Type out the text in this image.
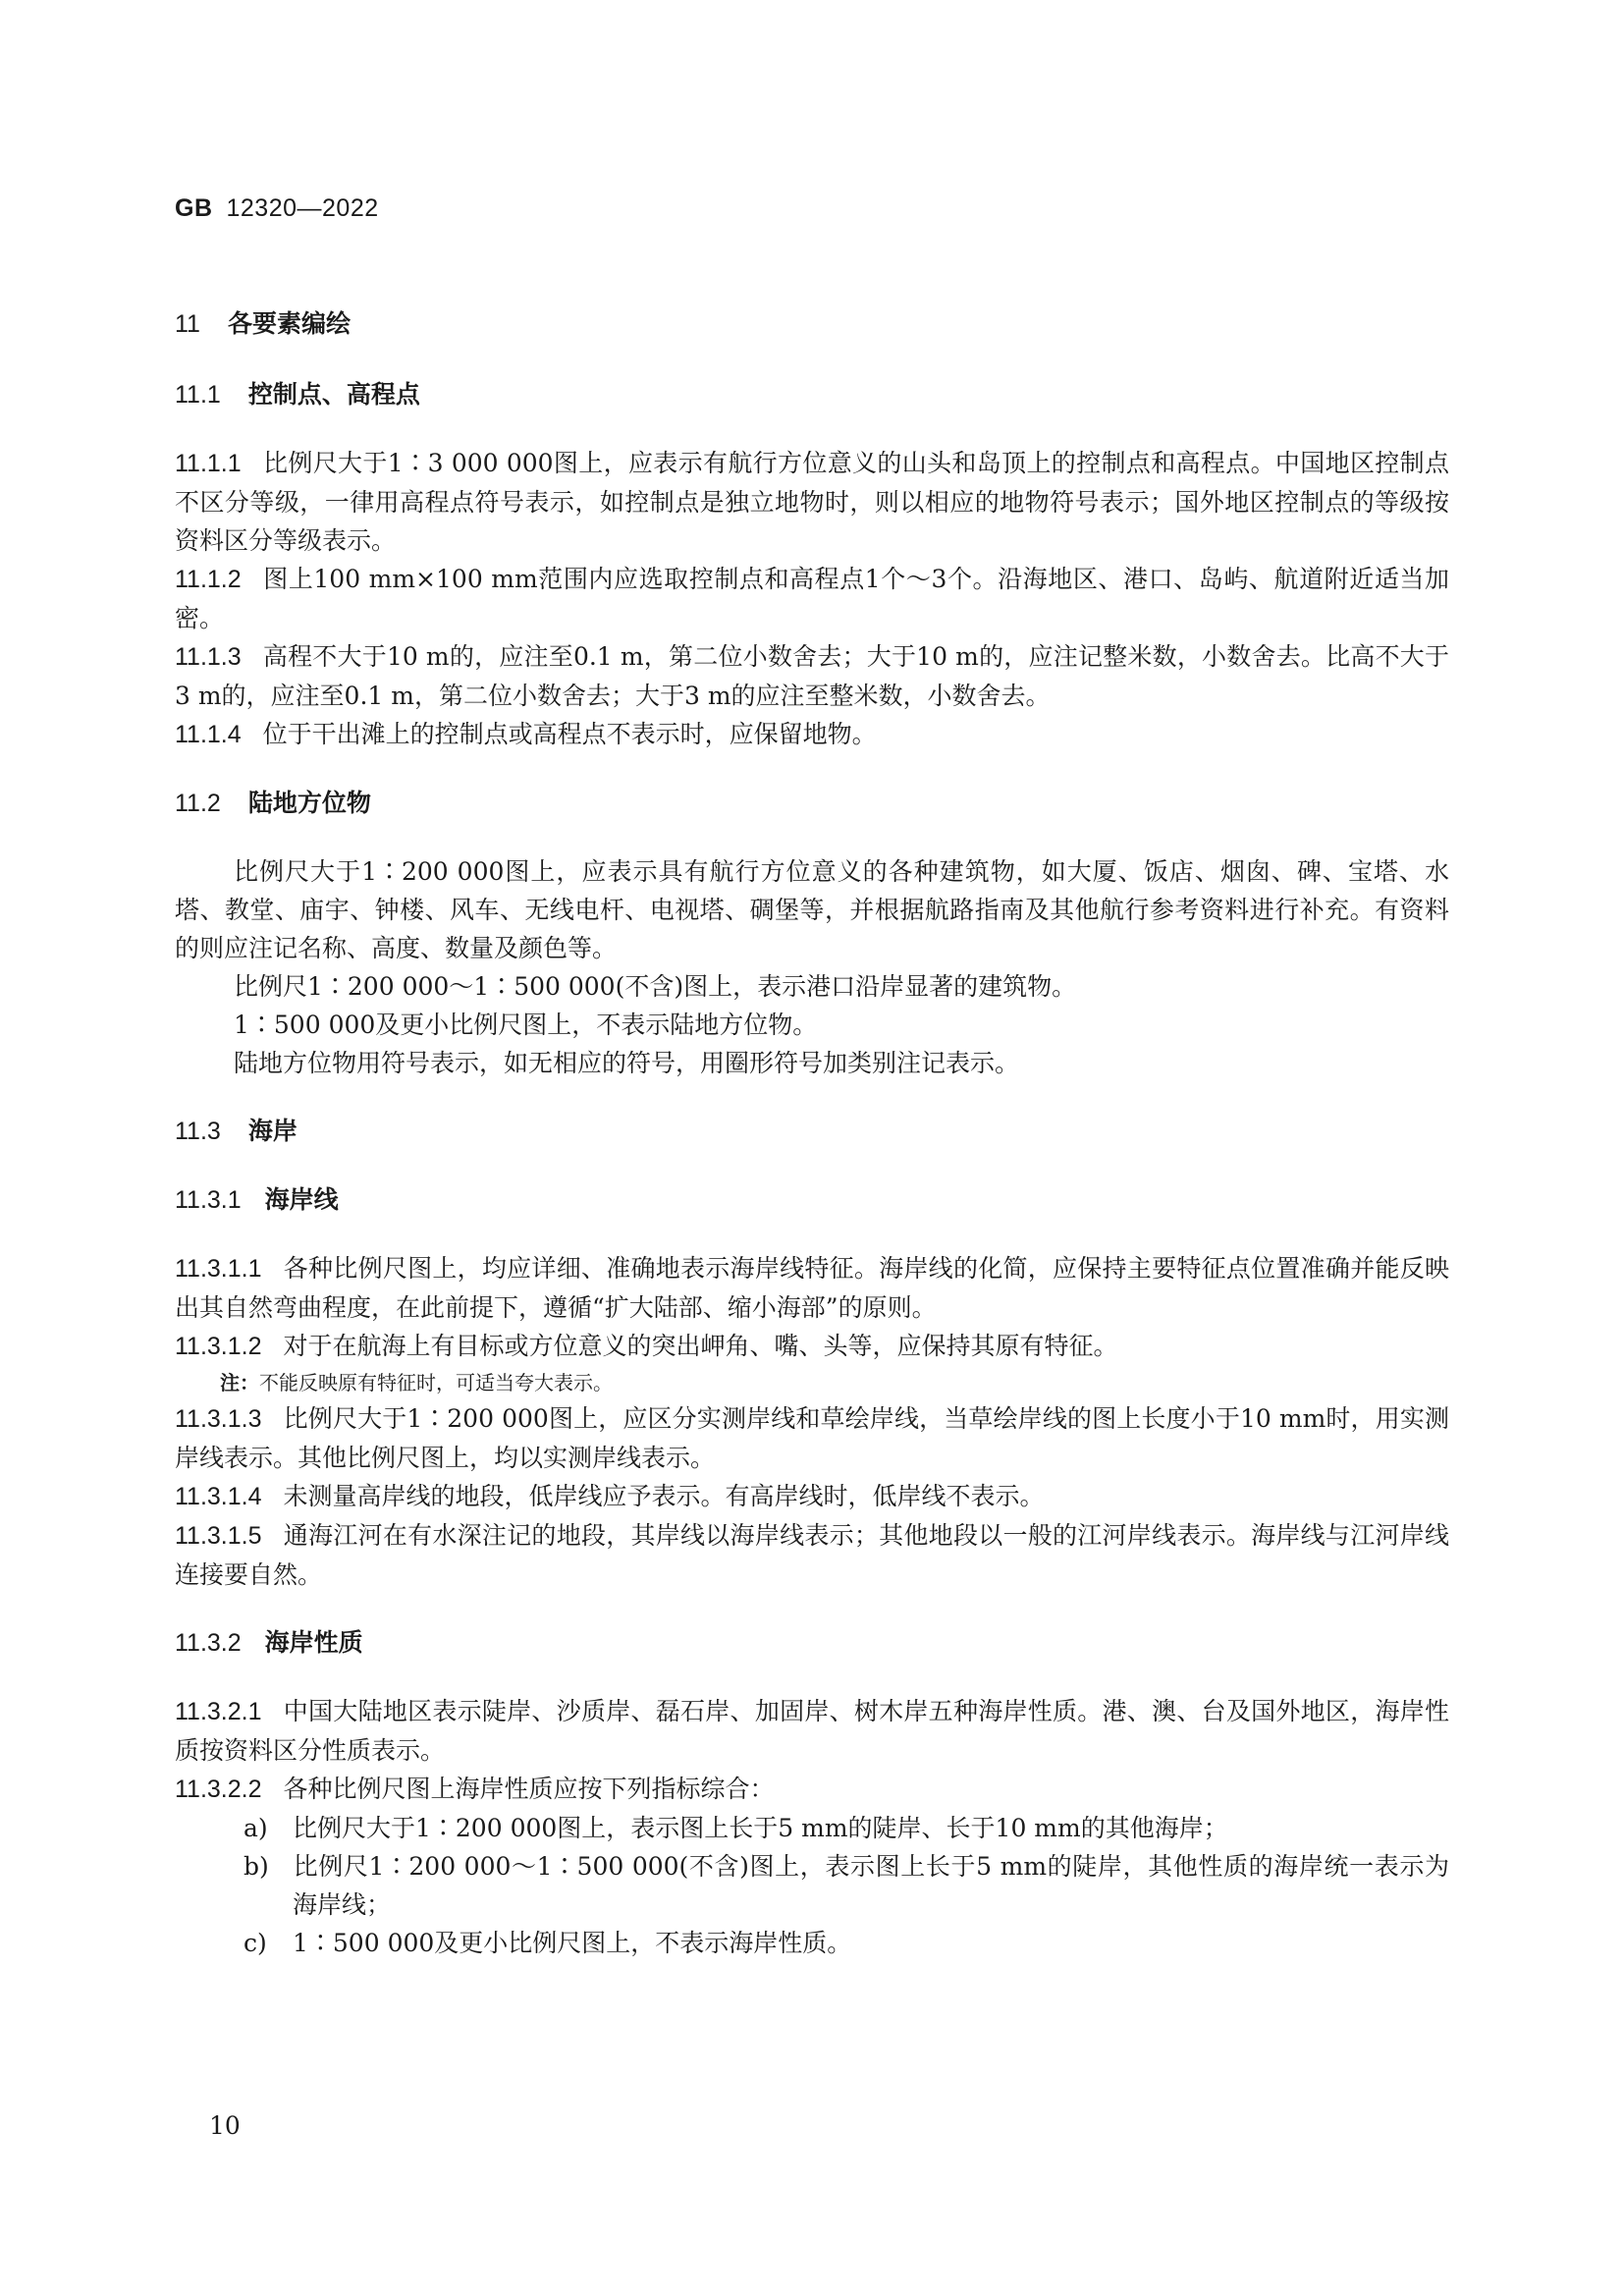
GB 12320—2022
11 各要素编绘
11.1 控制点、高程点

11.1.1 比例尺大于1∶3 000 000图上，应表示有航行方位意义的山头和岛顶上的控制点和高程点。中国地区控制点不区分等级，一律用高程点符号表示，如控制点是独立地物时，则以相应的地物符号表示；国外地区控制点的等级按资料区分等级表示。

11.1.2 图上100 mm×100 mm范围内应选取控制点和高程点1个～3个。沿海地区、港口、岛屿、航道附近适当加密。

11.1.3 高程不大于10 m的，应注至0.1 m，第二位小数舍去；大于10 m的，应注记整米数，小数舍去。比高不大于3 m的，应注至0.1 m，第二位小数舍去；大于3 m的应注至整米数，小数舍去。

11.1.4 位于干出滩上的控制点或高程点不表示时，应保留地物。

11.2 陆地方位物

比例尺大于1∶200 000图上，应表示具有航行方位意义的各种建筑物，如大厦、饭店、烟囱、碑、宝塔、水塔、教堂、庙宇、钟楼、风车、无线电杆、电视塔、碉堡等，并根据航路指南及其他航行参考资料进行补充。有资料的则应注记名称、高度、数量及颜色等。

比例尺1∶200 000～1∶500 000(不含)图上，表示港口沿岸显著的建筑物。

1∶500 000及更小比例尺图上，不表示陆地方位物。

陆地方位物用符号表示，如无相应的符号，用圈形符号加类别注记表示。

11.3 海岸
11.3.1 海岸线

11.3.1.1 各种比例尺图上，均应详细、准确地表示海岸线特征。海岸线的化简，应保持主要特征点位置准确并能反映出其自然弯曲程度，在此前提下，遵循“扩大陆部、缩小海部”的原则。

11.3.1.2 对于在航海上有目标或方位意义的突出岬角、嘴、头等，应保持其原有特征。

注：不能反映原有特征时，可适当夸大表示。

11.3.1.3 比例尺大于1∶200 000图上，应区分实测岸线和草绘岸线，当草绘岸线的图上长度小于10 mm时，用实测岸线表示。其他比例尺图上，均以实测岸线表示。

11.3.1.4 未测量高岸线的地段，低岸线应予表示。有高岸线时，低岸线不表示。

11.3.1.5 通海江河在有水深注记的地段，其岸线以海岸线表示；其他地段以一般的江河岸线表示。海岸线与江河岸线连接要自然。

11.3.2 海岸性质

11.3.2.1 中国大陆地区表示陡岸、沙质岸、磊石岸、加固岸、树木岸五种海岸性质。港、澳、台及国外地区，海岸性质按资料区分性质表示。

11.3.2.2 各种比例尺图上海岸性质应按下列指标综合：

a) 比例尺大于1∶200 000图上，表示图上长于5 mm的陡岸、长于10 mm的其他海岸；

b) 比例尺1∶200 000～1∶500 000(不含)图上，表示图上长于5 mm的陡岸，其他性质的海岸统一表示为海岸线；

c) 1∶500 000及更小比例尺图上，不表示海岸性质。

10
